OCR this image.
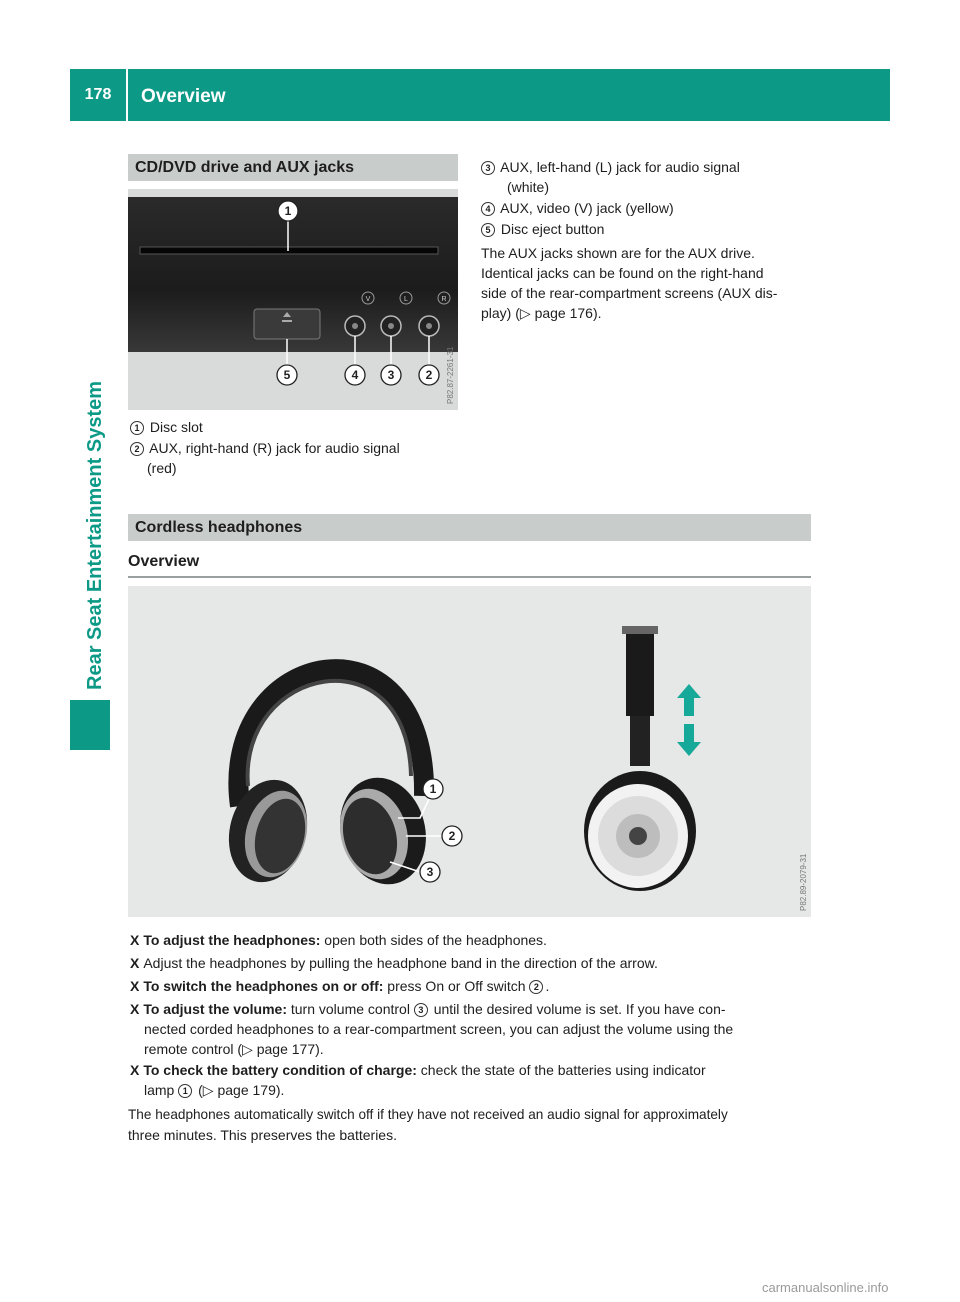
178	Overview
Rear Seat Entertainment System
CD/DVD drive and AUX jacks
V	L	R
1
2
3
4
5	P82.87-2261-31
1 Disc slot
2 AUX, right-hand (R) jack for audio signal
(red)
3 AUX, left-hand (L) jack for audio signal
(white)
4 AUX, video (V) jack (yellow)
5 Disc eject button
The AUX jacks shown are for the AUX drive.
Identical jacks can be found on the right-hand
side of the rear-compartment screens (AUX dis-
play) (▷ page 176).
Cordless headphones
Overview
1
2
3	P82.89-2079-31
X To adjust the headphones: open both sides of the headphones.
X Adjust the headphones by pulling the headphone band in the direction of the arrow.
X To switch the headphones on or off: press On or Off switch 2 .
X To adjust the volume: turn volume control 3 until the desired volume is set. If you have con-
nected corded headphones to a rear-compartment screen, you can adjust the volume using the
remote control (▷ page 177).
X To check the battery condition of charge: check the state of the batteries using indicator
lamp 1 (▷ page 179).
The headphones automatically switch off if they have not received an audio signal for approximately
three minutes. This preserves the batteries.
carmanualsonline.info
